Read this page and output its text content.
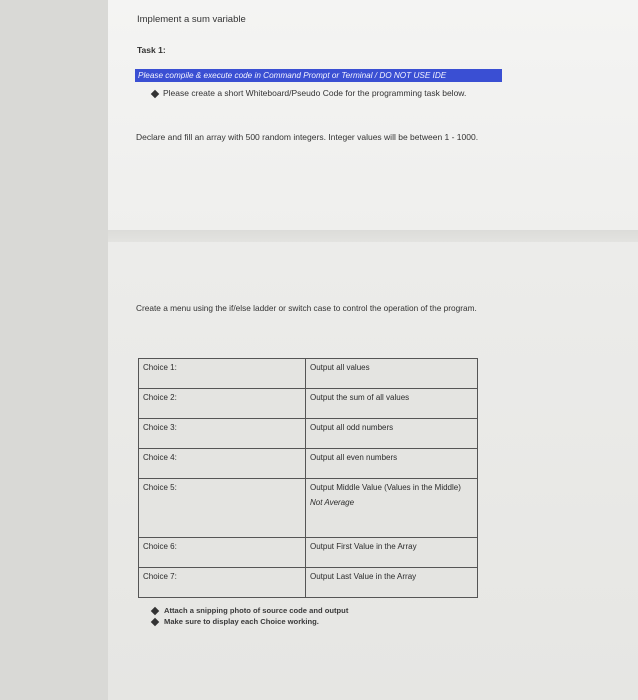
Implement a sum variable
Task 1:
Please compile & execute code in Command Prompt or Terminal / DO NOT USE IDE
Please create a short Whiteboard/Pseudo Code for the programming task below.
Declare and fill an array with 500 random integers. Integer values will be between 1 - 1000.
Create a menu using the if/else ladder or switch case to control the operation of the program.
Choice 1:	Output all values
Choice 2:	Output the sum of all values
Choice 3:	Output all odd numbers
Choice 4:	Output all even numbers
Choice 5:	Output Middle Value (Values in the Middle)
Not Average
Choice 6:	Output First Value in the Array
Choice 7:	Output Last Value in the Array
Attach a snipping photo of source code and output
Make sure to display each Choice working.
